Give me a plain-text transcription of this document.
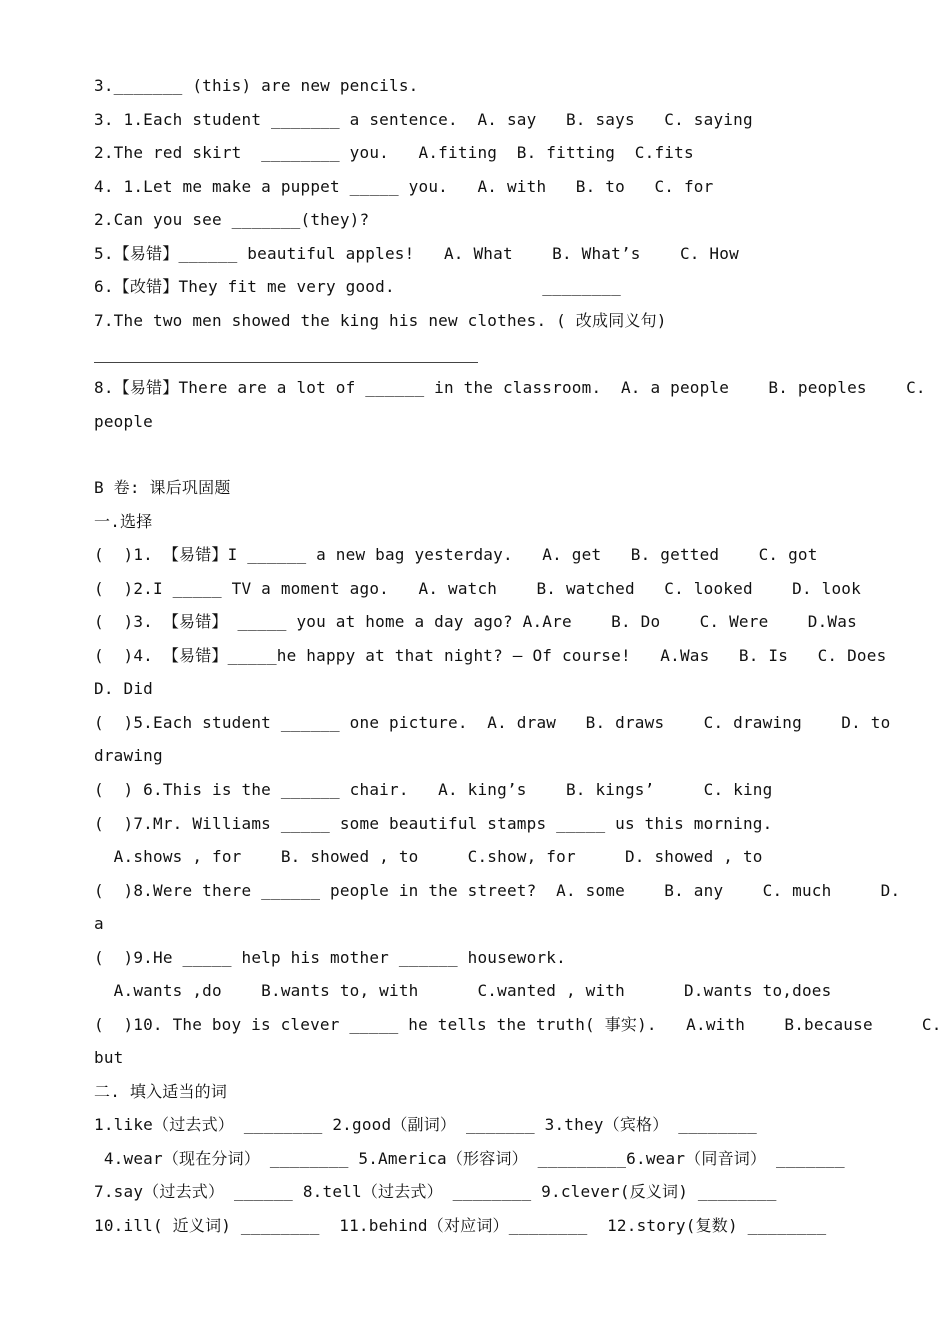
3._______ (this) are new pencils.
3. 1.Each student _______ a sentence.  A. say   B. says   C. saying
2.The red skirt  ________ you.   A.fiting  B. fitting  C.fits
4. 1.Let me make a puppet _____ you.   A. with   B. to   C. for
2.Can you see _______(they)?
5.【易错】______ beautiful apples!   A. What    B. What’s    C. How
6.【改错】They fit me very good.               ________
7.The two men showed the king his new clothes. ( 改成同义句)
8.【易错】There are a lot of ______ in the classroom.  A. a people    B. peoples    C.
people
B 卷: 课后巩固题
一.选择
(  )1. 【易错】I ______ a new bag yesterday.   A. get   B. getted    C. got
(  )2.I _____ TV a moment ago.   A. watch    B. watched   C. looked    D. look
(  )3. 【易错】 _____ you at home a day ago? A.Are    B. Do    C. Were    D.Was
(  )4. 【易错】_____he happy at that night? — Of course!   A.Was   B. Is   C. Does
D. Did
(  )5.Each student ______ one picture.  A. draw   B. draws    C. drawing    D. to
drawing
(  ) 6.This is the ______ chair.   A. king’s    B. kings’     C. king
(  )7.Mr. Williams _____ some beautiful stamps _____ us this morning.
A.shows , for    B. showed , to     C.show, for     D. showed , to
(  )8.Were there ______ people in the street?  A. some    B. any    C. much     D.
a
(  )9.He _____ help his mother ______ housework.
A.wants ,do    B.wants to, with      C.wanted , with      D.wants to,does
(  )10. The boy is clever _____ he tells the truth( 事实).   A.with    B.because     C.
but
二. 填入适当的词
1.like（过去式） ________ 2.good（副词） _______ 3.they（宾格） ________
4.wear（现在分词） ________ 5.America（形容词） _________6.wear（同音词） _______
7.say（过去式） ______ 8.tell（过去式） ________ 9.clever(反义词) ________
10.ill( 近义词) ________  11.behind（对应词）________  12.story(复数) ________
